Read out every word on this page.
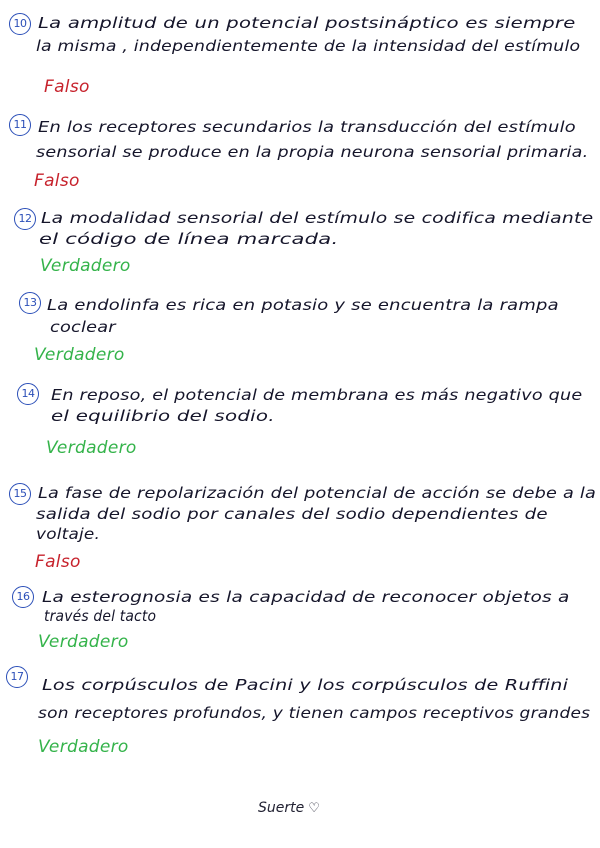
10 La amplitud de un potencial postsináptico es siempre
la misma , independientemente de la intensidad del estímulo
Falso
11 En los receptores secundarios la transducción del estímulo
sensorial se produce en la propia neurona sensorial primaria.
Falso
12 La modalidad sensorial del estímulo se codifica mediante
el código de línea marcada.
Verdadero
13 La endolinfa es rica en potasio y se encuentra la rampa
coclear
Verdadero
14	En reposo, el potencial de membrana es más negativo que
el equilibrio del sodio.
Verdadero
15 La fase de repolarización del potencial de acción se debe a la
salida del sodio por canales del sodio dependientes de
voltaje.
Falso
16 La esterognosia es la capacidad de reconocer objetos a
través del tacto
Verdadero
17	Los corpúsculos de Pacini y los corpúsculos de Ruffini
son receptores profundos, y tienen campos receptivos grandes
Verdadero
Suerte ♡
